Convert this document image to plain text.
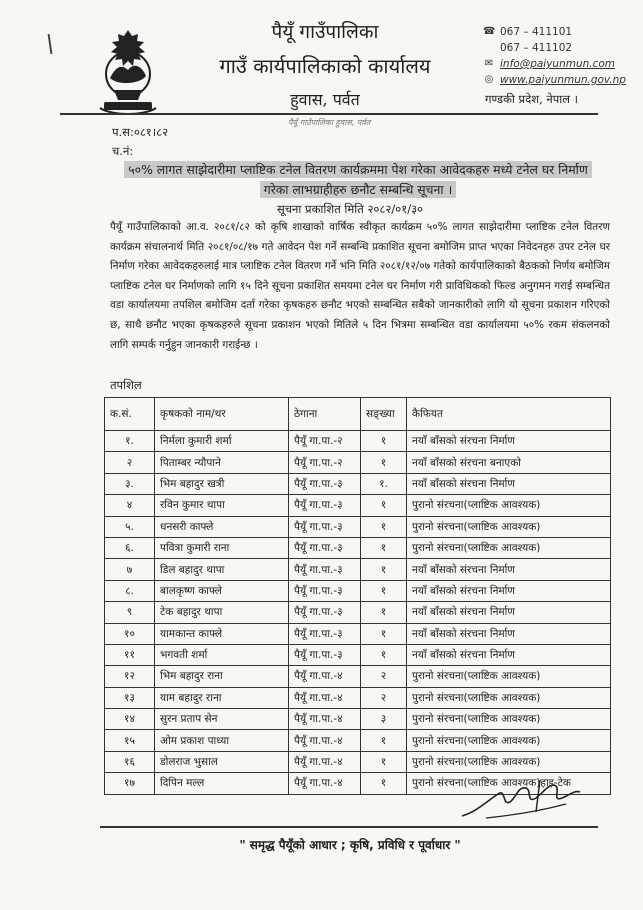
पैयूँ गाउँपालिका
गाउँ कार्यपालिकाको कार्यालय
हुवास, पर्वत
☎ 067 – 411101
067 – 411102
✉ info@paiyunmun.com
◎ www.paiyunmun.gov.np
गण्डकी प्रदेश, नेपाल ।
पैयूँ गाउँपालिका हुवास, पर्वत
प.स:०८१।८२
च.नं:
५०% लागत साझेदारीमा प्लाष्टिक टनेल वितरण कार्यक्रममा पेश गरेका आवेदकहरु मध्ये टनेल घर निर्माण
गरेका लाभग्राहीहरु छनौट सम्बन्धि सूचना ।
सूचना प्रकाशित मिति २०८२/०१/३०
पैयूँ गाउँपालिकाको आ.व. २०८१/८२ को कृषि शाखाको वार्षिक स्वीकृत कार्यक्रम ५०% लागत साझेदारीमा प्लाष्टिक टनेल वितरण कार्यक्रम संचालनार्थ मिति २०८१/०८/१७ गते आवेदन पेश गर्ने सम्बन्धि प्रकाशित सूचना बमोजिम प्राप्त भएका निवेदनहरु उपर टनेल घर निर्माण गरेका आवेदकहरुलाई मात्र प्लाष्टिक टनेल वितरण गर्ने भनि मिति २०८१/१२/०७ गतेको कार्यपालिकाको बैठकको निर्णय बमोजिम प्लाष्टिक टनेल घर निर्माणको लागि १५ दिने सूचना प्रकाशित समयमा टनेल घर निर्माण गरी प्राविधिकको फिल्ड अनुगमन गराई सम्बन्धित वडा कार्यालयमा तपशिल बमोजिम दर्ता गरेका कृषकहरु छनौट भएको सम्बन्धित सबैको जानकारीको लागि यो सूचना प्रकाशन गरिएको छ, साथै छनौट भएका कृषकहरुले सूचना प्रकाशन भएको मितिले ५ दिन भित्रमा सम्बन्धित वडा कार्यालयमा ५०% रकम संकलनको लागि सम्पर्क गर्नुहुन जानकारी गराईन्छ ।
तपशिल
क.सं.	कृषकको नाम/थर	ठेगाना	सङ्ख्या	कैफियत
१.	निर्मला कुमारी शर्मा	पैयूँ गा.पा.-२	१	नयाँ बाँसको संरचना निर्माण
२	पिताम्बर न्यौपाने	पैयूँ गा.पा.-२	१	नयाँ बाँसको संरचना बनाएको
३.	भिम बहादुर खत्री	पैयूँ गा.पा.-३	१.	नयाँ बाँसको संरचना निर्माण
४	रविन कुमार थापा	पैयूँ गा.पा.-३	१	पुरानो संरचना(प्लाष्टिक आवश्यक)
५.	धनसरी काफ्ले	पैयूँ गा.पा.-३	१	पुरानो संरचना(प्लाष्टिक आवश्यक)
६.	पवित्रा कुमारी राना	पैयूँ गा.पा.-३	१	पुरानो संरचना(प्लाष्टिक आवश्यक)
७	डिल बहादुर थापा	पैयूँ गा.पा.-३	१	नयाँ बाँसको संरचना निर्माण
८.	बालकृष्ण काफ्ले	पैयूँ गा.पा.-३	१	नयाँ बाँसको संरचना निर्माण
९	टेक बहादुर थापा	पैयूँ गा.पा.-३	१	नयाँ बाँसको संरचना निर्माण
१०	यामकान्त काफ्ले	पैयूँ गा.पा.-३	१	नयाँ बाँसको संरचना निर्माण
११	भगवती शर्मा	पैयूँ गा.पा.-३	१	नयाँ बाँसको संरचना निर्माण
१२	भिम बहादुर राना	पैयूँ गा.पा.-४	२	पुरानो संरचना(प्लाष्टिक आवश्यक)
१३	याम बहादुर राना	पैयूँ गा.पा.-४	२	पुरानो संरचना(प्लाष्टिक आवश्यक)
१४	सुरन प्रताप सेन	पैयूँ गा.पा.-४	३	पुरानो संरचना(प्लाष्टिक आवश्यक)
१५	ओम प्रकाश पाध्या	पैयूँ गा.पा.-४	१	पुरानो संरचना(प्लाष्टिक आवश्यक)
१६	डोलराज भुसाल	पैयूँ गा.पा.-४	१	पुरानो संरचना(प्लाष्टिक आवश्यक)
१७	दिपिन मल्ल	पैयूँ गा.पा.-४	१	पुरानो संरचना(प्लाष्टिक आवश्यक)हाइ-टेक
" समृद्ध पैयूँको आधार ; कृषि, प्रविधि र पूर्वाधार "
